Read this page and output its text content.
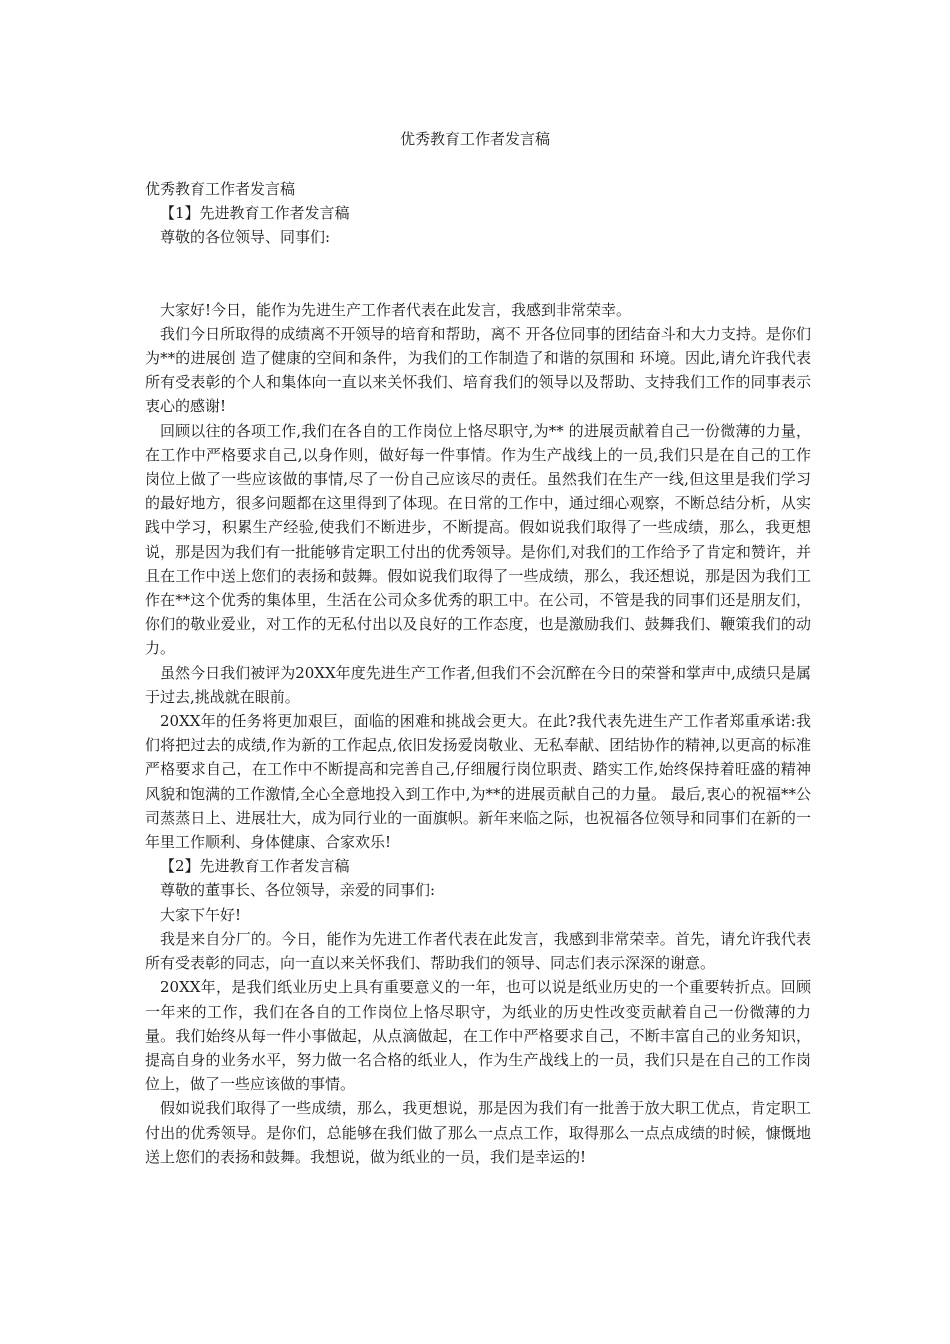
优秀教育工作者发言稿

优秀教育工作者发言稿

【1】先进教育工作者发言稿

尊敬的各位领导、同事们:

大家好!今日，能作为先进生产工作者代表在此发言，我感到非常荣幸。

我们今日所取得的成绩离不开领导的培育和帮助，离不 开各位同事的团结奋斗和大力支持。是你们为**的进展创 造了健康的空间和条件，为我们的工作制造了和谐的氛围和 环境。因此,请允许我代表所有受表彰的个人和集体向一直以来关怀我们、培育我们的领导以及帮助、支持我们工作的同事表示衷心的感谢!

回顾以往的各项工作,我们在各自的工作岗位上恪尽职守,为** 的进展贡献着自己一份微薄的力量，在工作中严格要求自己,以身作则，做好每一件事情。作为生产战线上的一员,我们只是在自己的工作岗位上做了一些应该做的事情,尽了一份自己应该尽的责任。虽然我们在生产一线,但这里是我们学习的最好地方，很多问题都在这里得到了体现。在日常的工作中，通过细心观察，不断总结分析，从实践中学习，积累生产经验,使我们不断进步，不断提高。假如说我们取得了一些成绩，那么，我更想说，那是因为我们有一批能够肯定职工付出的优秀领导。是你们,对我们的工作给予了肯定和赞许，并且在工作中送上您们的表扬和鼓舞。假如说我们取得了一些成绩，那么，我还想说，那是因为我们工作在**这个优秀的集体里，生活在公司众多优秀的职工中。在公司，不管是我的同事们还是朋友们，你们的敬业爱业，对工作的无私付出以及良好的工作态度，也是激励我们、鼓舞我们、鞭策我们的动力。

虽然今日我们被评为20XX年度先进生产工作者,但我们不会沉醉在今日的荣誉和掌声中,成绩只是属于过去,挑战就在眼前。

20XX年的任务将更加艰巨，面临的困难和挑战会更大。在此?我代表先进生产工作者郑重承诺:我们将把过去的成绩,作为新的工作起点,依旧发扬爱岗敬业、无私奉献、团结协作的精神,以更高的标准严格要求自己，在工作中不断提高和完善自己,仔细履行岗位职责、踏实工作,始终保持着旺盛的精神风貌和饱满的工作激情,全心全意地投入到工作中,为**的进展贡献自己的力量。 最后,衷心的祝福**公司蒸蒸日上、进展壮大，成为同行业的一面旗帜。新年来临之际，也祝福各位领导和同事们在新的一年里工作顺利、身体健康、合家欢乐!

【2】先进教育工作者发言稿

尊敬的董事长、各位领导，亲爱的同事们:

大家下午好!

我是来自分厂的。今日，能作为先进工作者代表在此发言，我感到非常荣幸。首先，请允许我代表所有受表彰的同志，向一直以来关怀我们、帮助我们的领导、同志们表示深深的谢意。

20XX年，是我们纸业历史上具有重要意义的一年，也可以说是纸业历史的一个重要转折点。回顾一年来的工作，我们在各自的工作岗位上恪尽职守，为纸业的历史性改变贡献着自己一份微薄的力量。我们始终从每一件小事做起，从点滴做起，在工作中严格要求自己，不断丰富自己的业务知识，提高自身的业务水平，努力做一名合格的纸业人，作为生产战线上的一员，我们只是在自己的工作岗位上，做了一些应该做的事情。

假如说我们取得了一些成绩，那么，我更想说，那是因为我们有一批善于放大职工优点，肯定职工付出的优秀领导。是你们，总能够在我们做了那么一点点工作，取得那么一点点成绩的时候，慷慨地送上您们的表扬和鼓舞。我想说，做为纸业的一员，我们是幸运的!
